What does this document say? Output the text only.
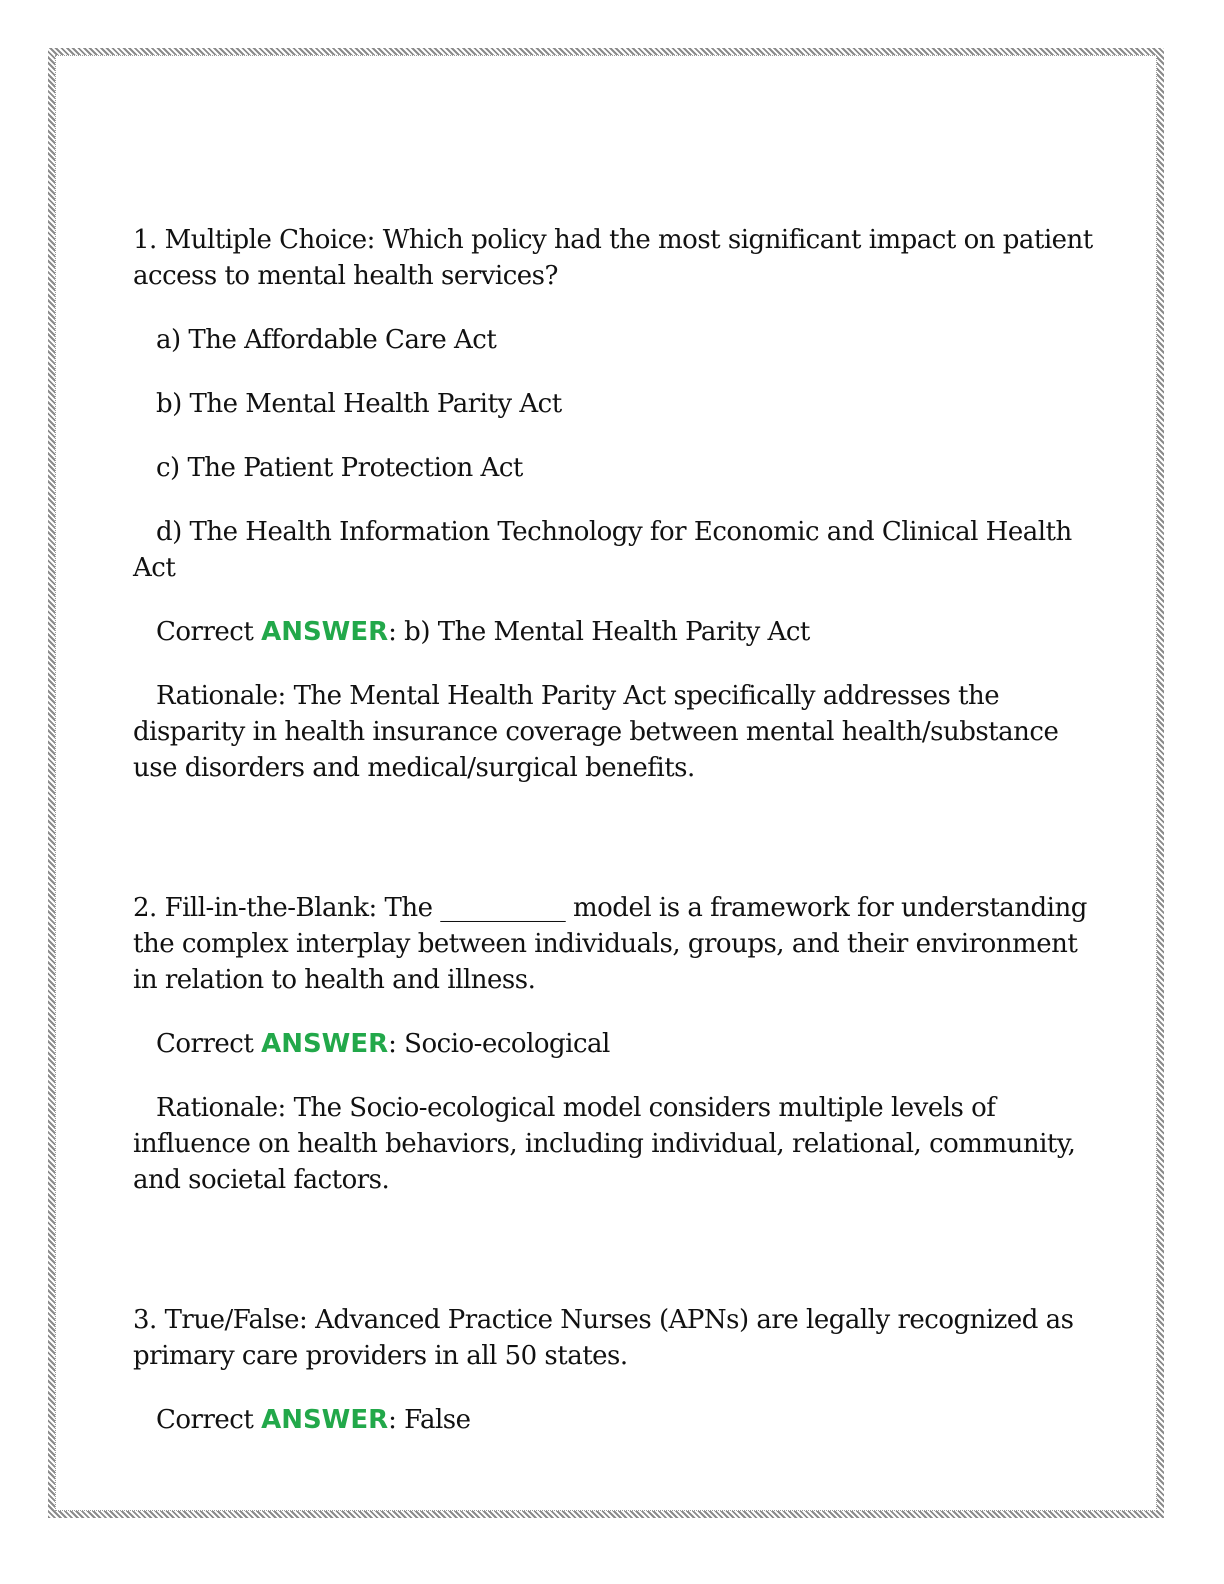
1. Multiple Choice: Which policy had the most significant impact on patient access to mental health services?

a) The Affordable Care Act

b) The Mental Health Parity Act

c) The Patient Protection Act

d) The Health Information Technology for Economic and Clinical Health Act

Correct ANSWER: b) The Mental Health Parity Act

Rationale: The Mental Health Parity Act specifically addresses the disparity in health insurance coverage between mental health/substance use disorders and medical/surgical benefits.

2. Fill-in-the-Blank: The __________ model is a framework for understanding the complex interplay between individuals, groups, and their environment in relation to health and illness.

Correct ANSWER: Socio-ecological

Rationale: The Socio-ecological model considers multiple levels of influence on health behaviors, including individual, relational, community, and societal factors.

3. True/False: Advanced Practice Nurses (APNs) are legally recognized as primary care providers in all 50 states.

Correct ANSWER: False
